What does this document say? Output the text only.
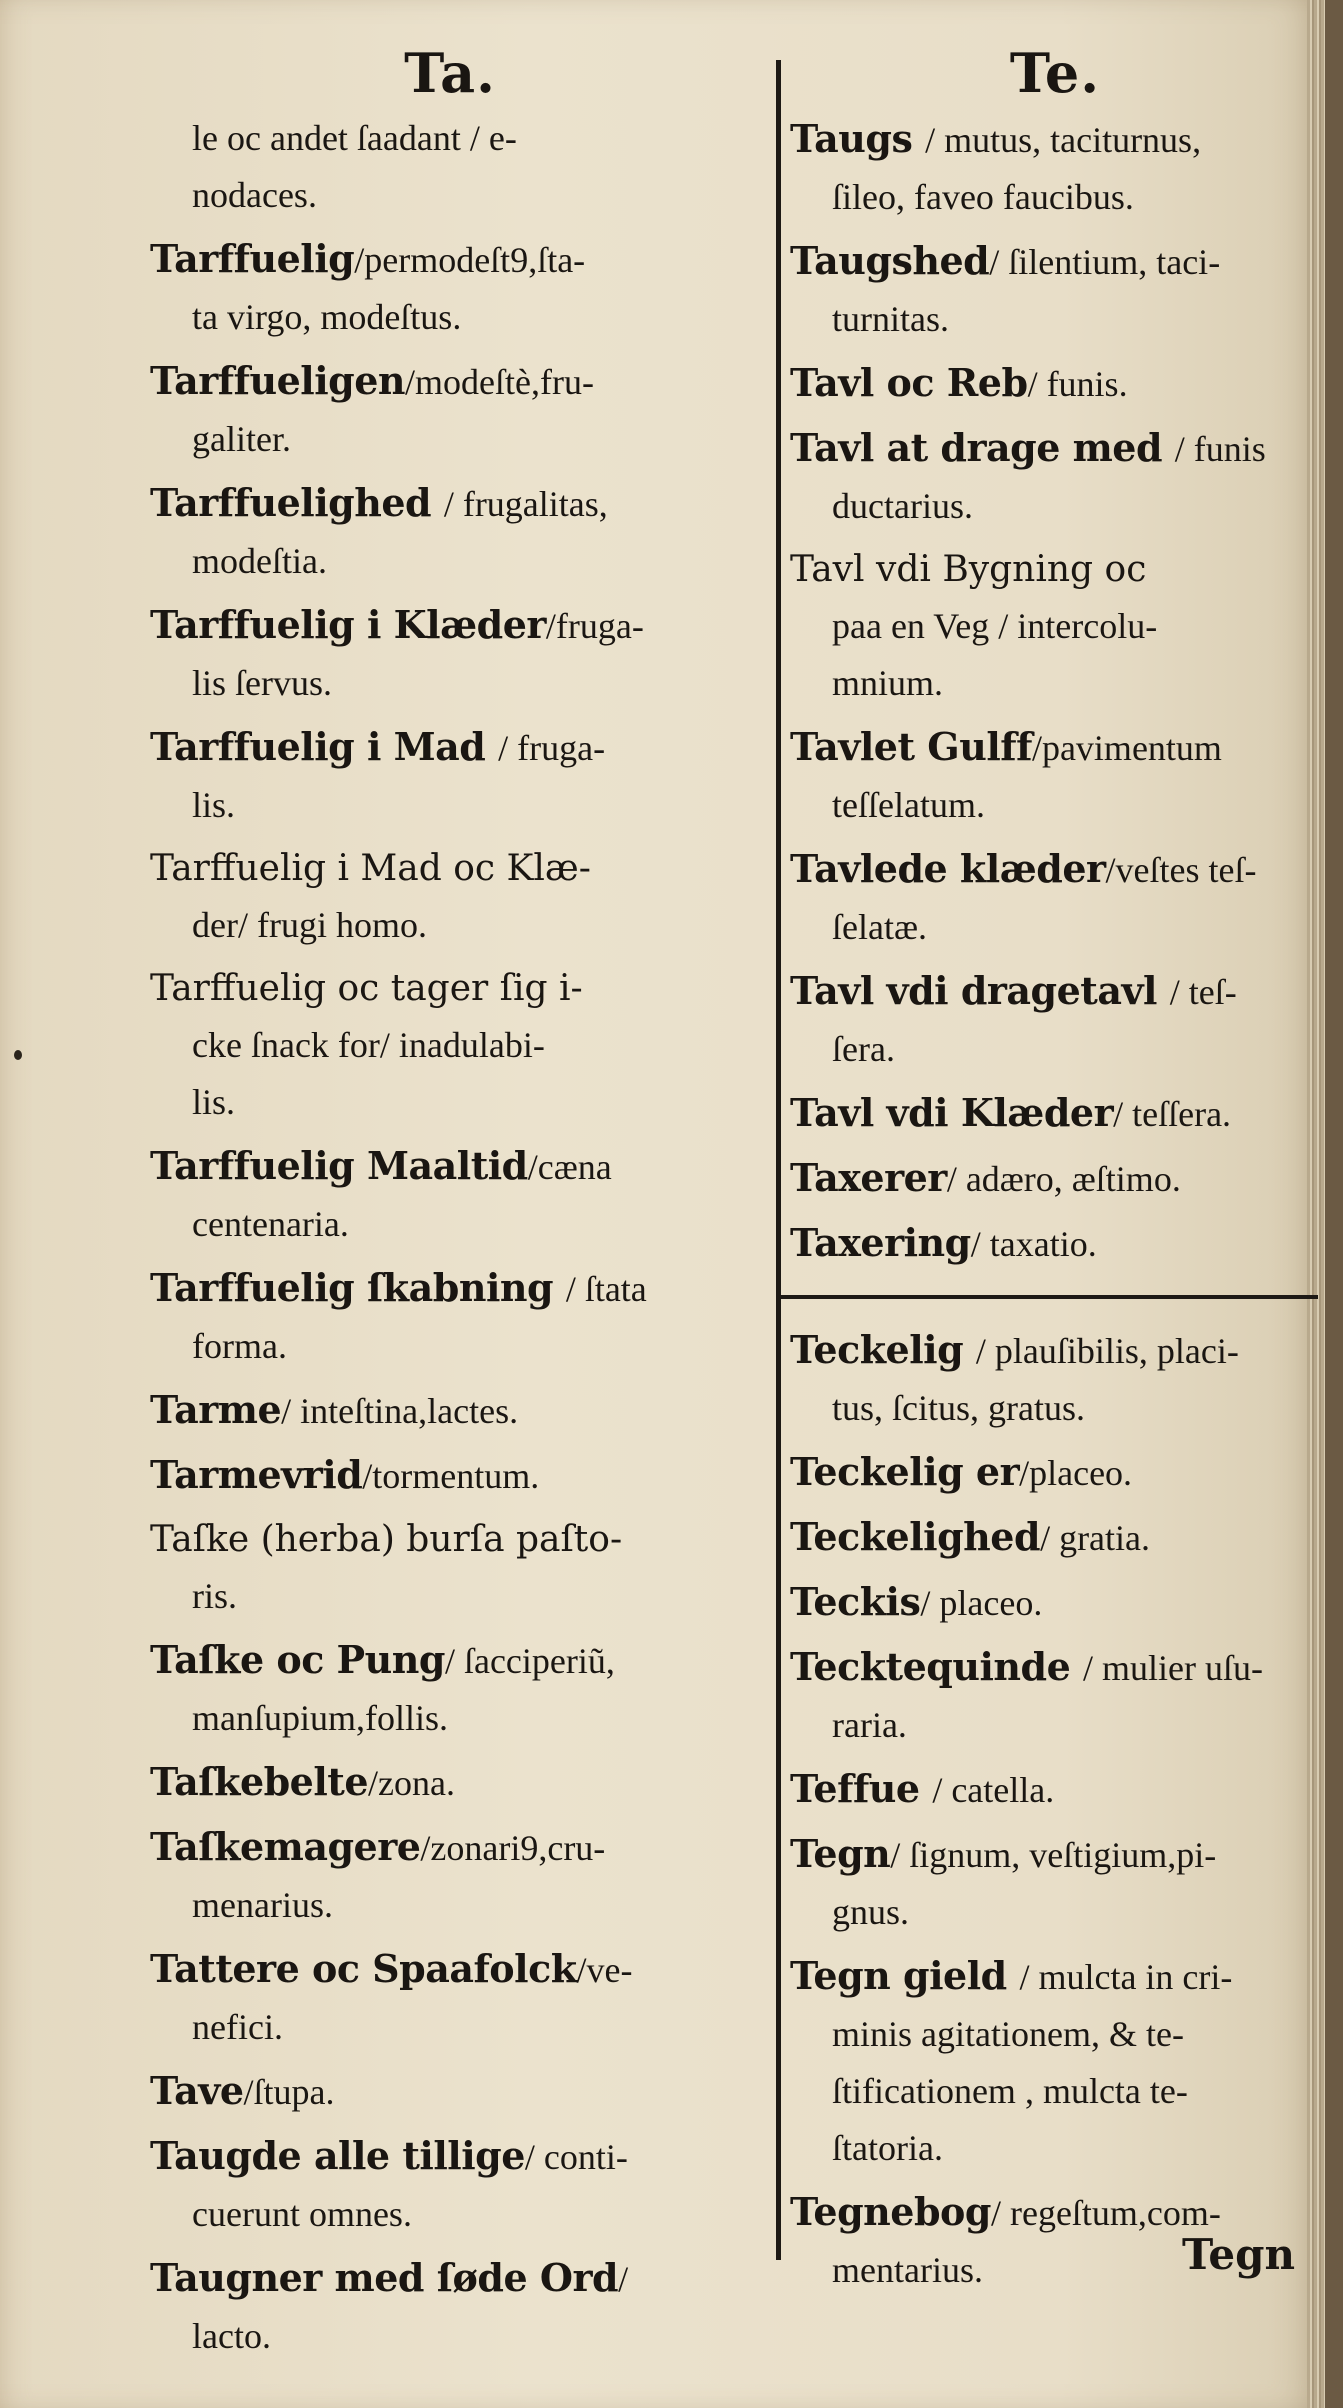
Ta.
le oc andet ſaadant / e-
nodaces.
Tarffuelig/permodeſt9,ſta-
ta virgo, modeſtus.
Tarffueligen/modeſtè,fru-
galiter.
Tarffuelighed / frugalitas,
modeſtia.
Tarffuelig i Klæder/fruga-
lis ſervus.
Tarffuelig i Mad / fruga-
lis.
Tarffuelig i Mad oc Klæ-
der/ frugi homo.
Tarffuelig oc tager ſig i-
cke ſnack for/ inadulabi-
lis.
Tarffuelig Maaltid/cæna
centenaria.
Tarffuelig ſkabning / ſtata
forma.
Tarme/ inteſtina,lactes.
Tarmevrid/tormentum.
Taſke (herba) burſa paſto-
ris.
Taſke oc Pung/ ſacciperiũ,
manſupium,follis.
Taſkebelte/zona.
Taſkemagere/zonari9,cru-
menarius.
Tattere oc Spaafolck/ve-
nefici.
Tave/ſtupa.
Taugde alle tillige/ conti-
cuerunt omnes.
Taugner med ſøde Ord/
lacto.
Te.
Taugs / mutus, taciturnus,
ſileo, faveo faucibus.
Taugshed/ ſilentium, taci-
turnitas.
Tavl oc Reb/ funis.
Tavl at drage med / funis
ductarius.
Tavl vdi Bygning oc
paa en Veg / intercolu-
mnium.
Tavlet Gulff/pavimentum
teſſelatum.
Tavlede klæder/veſtes teſ-
ſelatæ.
Tavl vdi dragetavl / teſ-
ſera.
Tavl vdi Klæder/ teſſera.
Taxerer/ adæro, æſtimo.
Taxering/ taxatio.
Teckelig / plauſibilis, placi-
tus, ſcitus, gratus.
Teckelig er/placeo.
Teckelighed/ gratia.
Teckis/ placeo.
Tecktequinde / mulier uſu-
raria.
Teffue / catella.
Tegn/ ſignum, veſtigium,pi-
gnus.
Tegn gield / mulcta in cri-
minis agitationem, & te-
ſtificationem , mulcta te-
ſtatoria.
Tegnebog/ regeſtum,com-
mentarius.	Tegn
